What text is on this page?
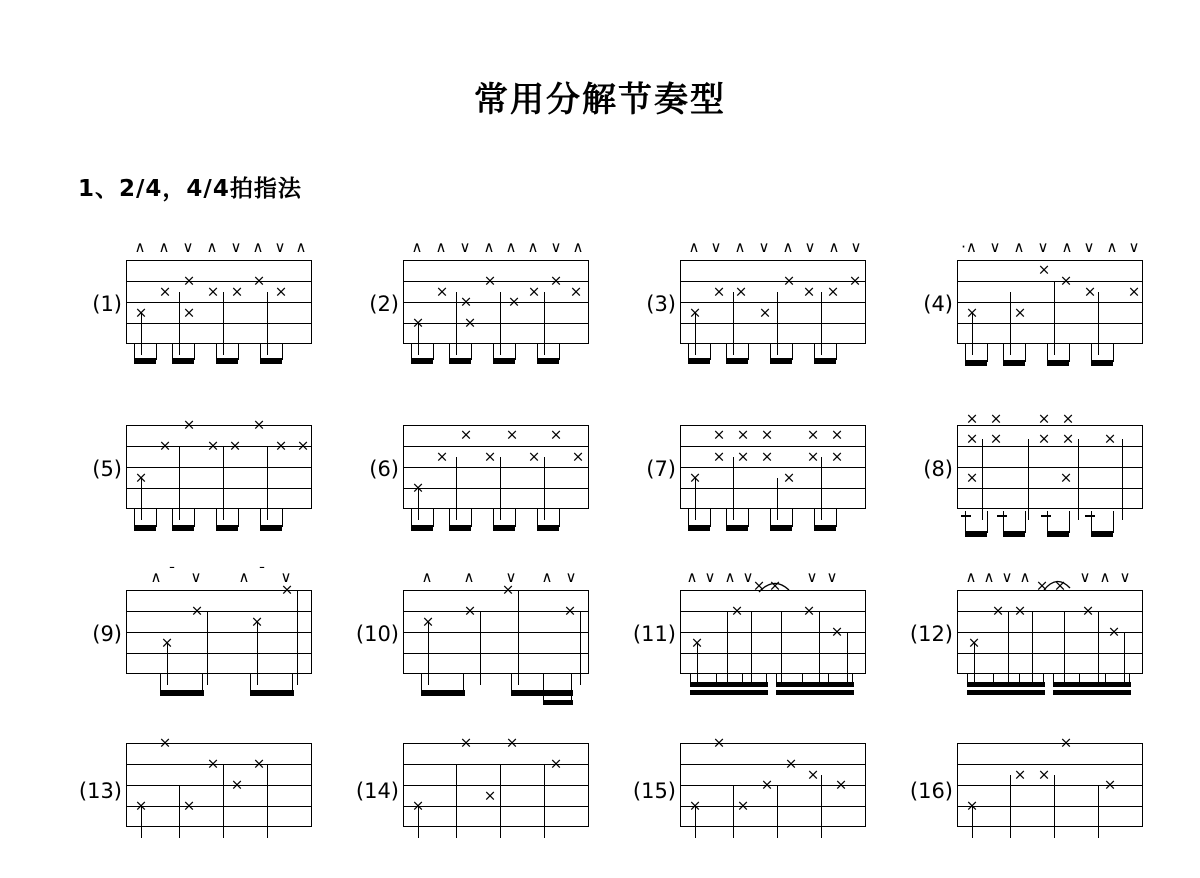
常用分解节奏型
1、2/4，4/4拍指法
(1)
∧ ∧ ∨ ∧ ∨ ∧ ∨ ∧
×
×
×
×
×	×
× ×	(2)
∧ ∧ ∨ ∧ ∧ ∧ ∨ ∧
×	×
×
× ×
× ×
×	×
(3)
∧ ∨ ∧ ∨ ∧ ∨ ∧ ∨
×	×
× ×	× ×
×	×	(4)
·∧ ∨ ∧ ∨ ∧ ∨ ∧ ∨
×
×
× ×
× ×
(5)
×	×
× × × × ×
×	(6)
× × ×
× × × ×
×
(7)
× × × × ×
× × × × ×
×	×	(8)
× × × ×
× × × × ×
×	×
(9)
∧ ˉ ∨ ∧ ˉ ∨
×
×
×
×
(10)
∧ ∧ ∨ ∧ ∨
×
×	×
×
(11)
∧ ∨ ∧ ∨	∨ ∨
× ×
×	×
×
×	(12)
∧ ∧ ∨ ∧	∨ ∧ ∨
× ×
× ×	×
×
×
(13)
×
× ×
×
× ×
(14)
× ×
×
×
×
(15)
×
×
×
×	×
× ×
(16)
×
× ×
×
×
